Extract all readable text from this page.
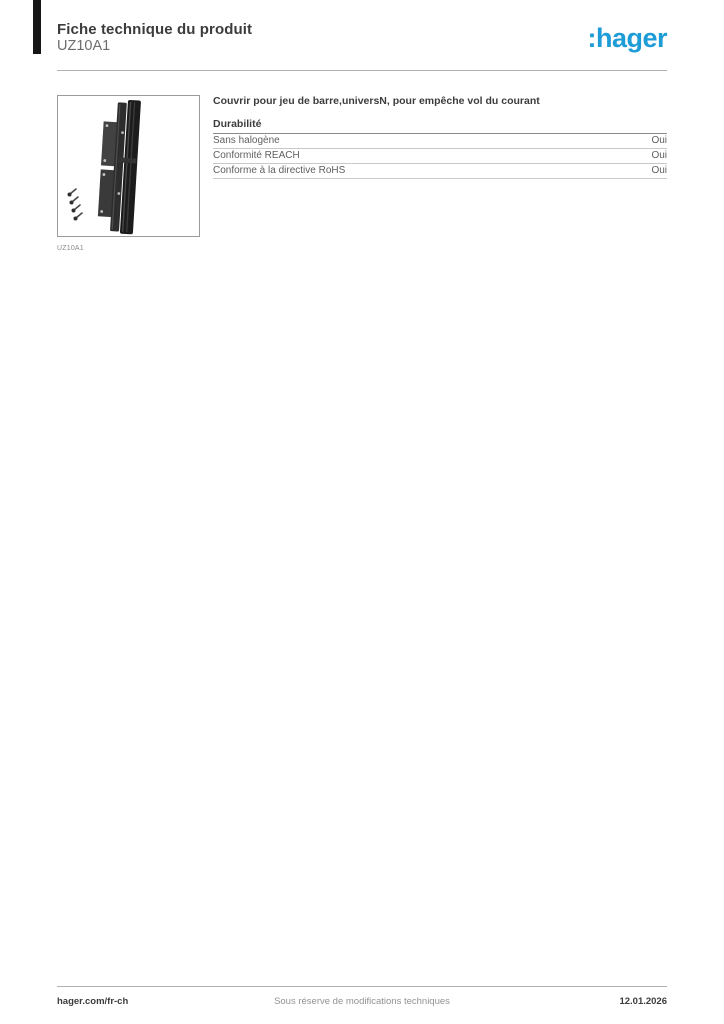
Fiche technique du produit
UZ10A1	:hager
UZ10A1
Couvrir pour jeu de barre,universN, pour empêche vol du courant
Durabilité
Sans halogène	Oui
Conformité REACH	Oui
Conforme à la directive RoHS	Oui
hager.com/fr-ch	Sous réserve de modifications techniques	12.01.2026
